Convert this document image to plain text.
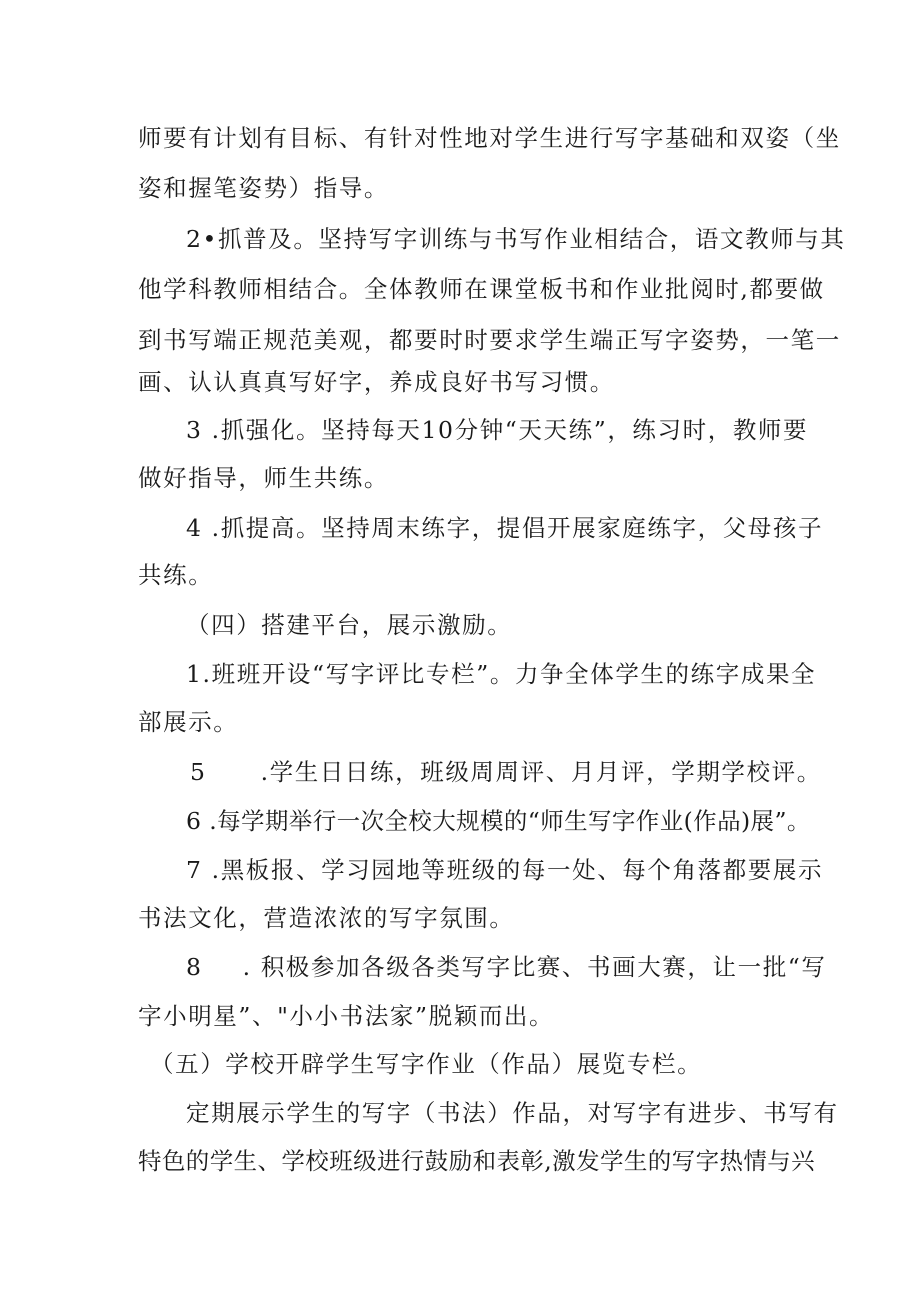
师要有计划有目标、有针对性地对学生进行写字基础和双姿（坐
姿和握笔姿势）指导。
2•抓普及。坚持写字训练与书写作业相结合，语文教师与其
他学科教师相结合。全体教师在课堂板书和作业批阅时,都要做
到书写端正规范美观，都要时时要求学生端正写字姿势，一笔一
画、认认真真写好字，养成良好书写习惯。
3 .抓强化。坚持每天10分钟“天天练”，练习时，教师要
做好指导，师生共练。
4 .抓提高。坚持周末练字，提倡开展家庭练字，父母孩子
共练。
（四）搭建平台，展示激励。
1.班班开设“写字评比专栏”。力争全体学生的练字成果全
部展示。
5 .学生日日练，班级周周评、月月评，学期学校评。
6 .每学期举行一次全校大规模的“师生写字作业(作品)展”。
7 .黑板报、学习园地等班级的每一处、每个角落都要展示
书法文化，营造浓浓的写字氛围。
8 . 积极参加各级各类写字比赛、书画大赛，让一批“写
字小明星”、"小小书法家”脱颖而出。
（五）学校开辟学生写字作业（作品）展览专栏。
定期展示学生的写字（书法）作品，对写字有进步、书写有
特色的学生、学校班级进行鼓励和表彰,激发学生的写字热情与兴
